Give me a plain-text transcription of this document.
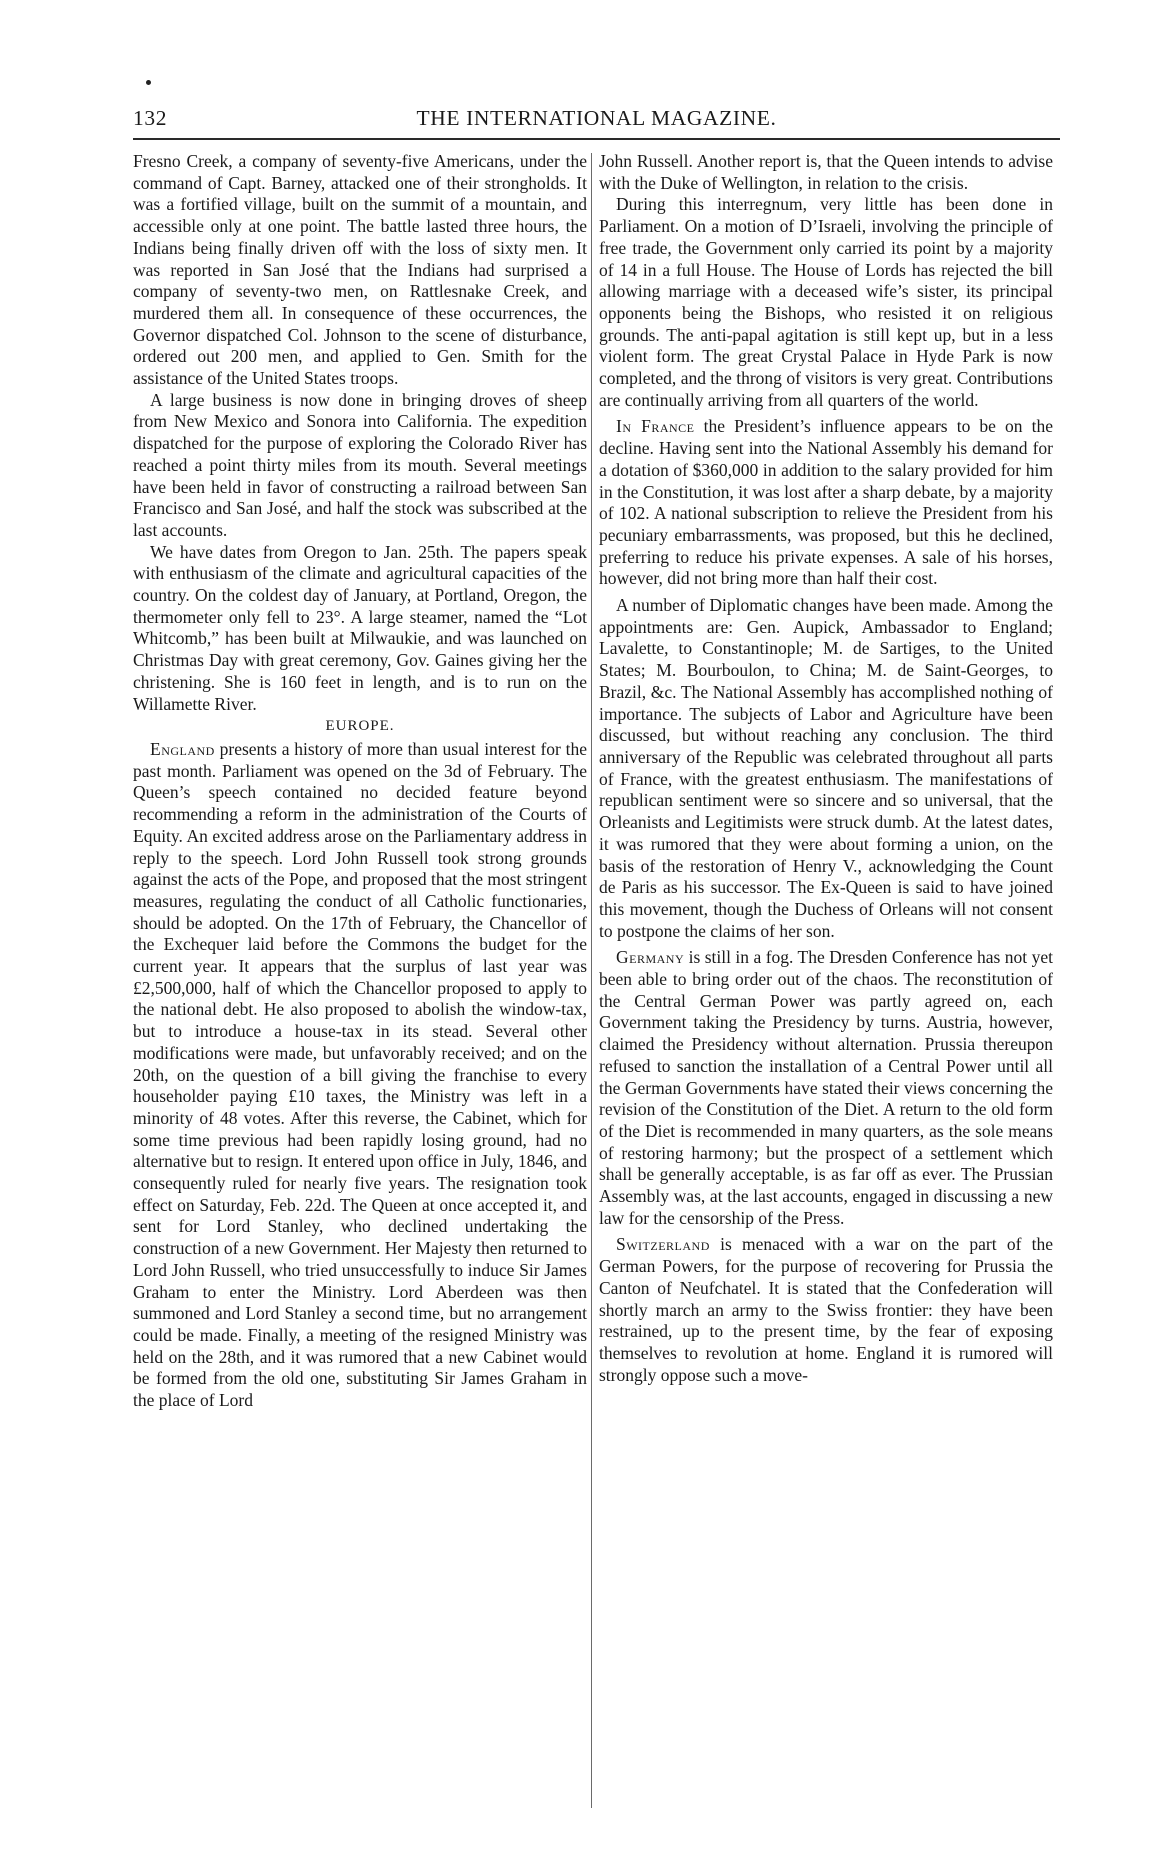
132	THE INTERNATIONAL MAGAZINE.

Fresno Creek, a company of seventy-five Americans, under the command of Capt. Barney, attacked one of their strongholds. It was a fortified village, built on the summit of a mountain, and accessible only at one point. The battle lasted three hours, the Indians being finally driven off with the loss of sixty men. It was reported in San José that the Indians had surprised a company of seventy-two men, on Rattlesnake Creek, and murdered them all. In consequence of these occurrences, the Governor dispatched Col. Johnson to the scene of disturbance, ordered out 200 men, and applied to Gen. Smith for the assistance of the United States troops.

A large business is now done in bringing droves of sheep from New Mexico and Sonora into California. The expedition dispatched for the purpose of exploring the Colorado River has reached a point thirty miles from its mouth. Several meetings have been held in favor of constructing a railroad between San Francisco and San José, and half the stock was subscribed at the last accounts.

We have dates from Oregon to Jan. 25th. The papers speak with enthusiasm of the climate and agricultural capacities of the country. On the coldest day of January, at Portland, Oregon, the thermometer only fell to 23°. A large steamer, named the “Lot Whitcomb,” has been built at Milwaukie, and was launched on Christmas Day with great ceremony, Gov. Gaines giving her the christening. She is 160 feet in length, and is to run on the Willamette River.

EUROPE.

England presents a history of more than usual interest for the past month. Parliament was opened on the 3d of February. The Queen’s speech contained no decided feature beyond recommending a reform in the administration of the Courts of Equity. An excited address arose on the Parliamentary address in reply to the speech. Lord John Russell took strong grounds against the acts of the Pope, and proposed that the most stringent measures, regulating the conduct of all Catholic functionaries, should be adopted. On the 17th of February, the Chancellor of the Exchequer laid before the Commons the budget for the current year. It appears that the surplus of last year was £2,500,000, half of which the Chancellor proposed to apply to the national debt. He also proposed to abolish the window-tax, but to introduce a house-tax in its stead. Several other modifications were made, but unfavorably received; and on the 20th, on the question of a bill giving the franchise to every householder paying £10 taxes, the Ministry was left in a minority of 48 votes. After this reverse, the Cabinet, which for some time previous had been rapidly losing ground, had no alternative but to resign. It entered upon office in July, 1846, and consequently ruled for nearly five years. The resignation took effect on Saturday, Feb. 22d. The Queen at once accepted it, and sent for Lord Stanley, who declined undertaking the construction of a new Government. Her Majesty then returned to Lord John Russell, who tried unsuccessfully to induce Sir James Graham to enter the Ministry. Lord Aberdeen was then summoned and Lord Stanley a second time, but no arrangement could be made. Finally, a meeting of the resigned Ministry was held on the 28th, and it was rumored that a new Cabinet would be formed from the old one, substituting Sir James Graham in the place of Lord

John Russell. Another report is, that the Queen intends to advise with the Duke of Wellington, in relation to the crisis.

During this interregnum, very little has been done in Parliament. On a motion of D’Israeli, involving the principle of free trade, the Government only carried its point by a majority of 14 in a full House. The House of Lords has rejected the bill allowing marriage with a deceased wife’s sister, its principal opponents being the Bishops, who resisted it on religious grounds. The anti-papal agitation is still kept up, but in a less violent form. The great Crystal Palace in Hyde Park is now completed, and the throng of visitors is very great. Contributions are continually arriving from all quarters of the world.

In France the President’s influence appears to be on the decline. Having sent into the National Assembly his demand for a dotation of $360,000 in addition to the salary provided for him in the Constitution, it was lost after a sharp debate, by a majority of 102. A national subscription to relieve the President from his pecuniary embarrassments, was proposed, but this he declined, preferring to reduce his private expenses. A sale of his horses, however, did not bring more than half their cost.

A number of Diplomatic changes have been made. Among the appointments are: Gen. Aupick, Ambassador to England; Lavalette, to Constantinople; M. de Sartiges, to the United States; M. Bourboulon, to China; M. de Saint-Georges, to Brazil, &c. The National Assembly has accomplished nothing of importance. The subjects of Labor and Agriculture have been discussed, but without reaching any conclusion. The third anniversary of the Republic was celebrated throughout all parts of France, with the greatest enthusiasm. The manifestations of republican sentiment were so sincere and so universal, that the Orleanists and Legitimists were struck dumb. At the latest dates, it was rumored that they were about forming a union, on the basis of the restoration of Henry V., acknowledging the Count de Paris as his successor. The Ex-Queen is said to have joined this movement, though the Duchess of Orleans will not consent to postpone the claims of her son.

Germany is still in a fog. The Dresden Conference has not yet been able to bring order out of the chaos. The reconstitution of the Central German Power was partly agreed on, each Government taking the Presidency by turns. Austria, however, claimed the Presidency without alternation. Prussia thereupon refused to sanction the installation of a Central Power until all the German Governments have stated their views concerning the revision of the Constitution of the Diet. A return to the old form of the Diet is recommended in many quarters, as the sole means of restoring harmony; but the prospect of a settlement which shall be generally acceptable, is as far off as ever. The Prussian Assembly was, at the last accounts, engaged in discussing a new law for the censorship of the Press.

Switzerland is menaced with a war on the part of the German Powers, for the purpose of recovering for Prussia the Canton of Neufchatel. It is stated that the Confederation will shortly march an army to the Swiss frontier: they have been restrained, up to the present time, by the fear of exposing themselves to revolution at home. England it is rumored will strongly oppose such a move-
